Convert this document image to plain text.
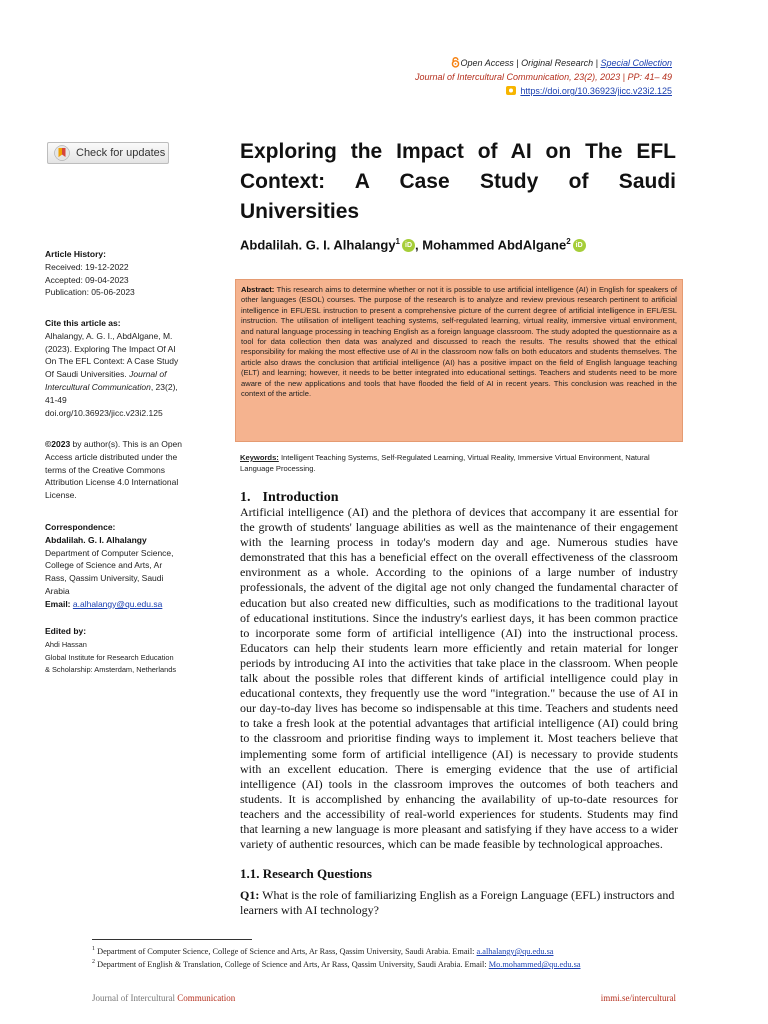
Open Access | Original Research | Special Collection
Journal of Intercultural Communication, 23(2), 2023 | PP: 41– 49
https://doi.org/10.36923/jicc.v23i2.125
Check for updates	Exploring the Impact of AI on The EFL
Context: A Case Study of Saudi
Universities
Abdalilah. G. I. Alhalangy$^1$ iD , Mohammed AbdAlgane$^2$ iD
Article History:
Received: 19-12-2022
Accepted: 09-04-2023
Publication: 05-06-2023
Cite this article as:
Alhalangy, A. G. I., AbdAlgane, M. (2023). Exploring The Impact Of AI On The EFL Context: A Case Study Of Saudi Universities. Journal of Intercultural Communication, 23(2), 41-49 doi.org/10.36923/jicc.v23i2.125
©2023 by author(s). This is an Open Access article distributed under the terms of the Creative Commons Attribution License 4.0 International License.
Correspondence:
Abdalilah. G. I. Alhalangy
Department of Computer Science, College of Science and Arts, Ar Rass, Qassim University, Saudi Arabia
Email: a.alhalangy@qu.edu.sa
Edited by:
Ahdi Hassan
Global Institute for Research Education & Scholarship: Amsterdam, Netherlands
Abstract: This research aims to determine whether or not it is possible to use artificial intelligence (AI) in English for speakers of other languages (ESOL) courses. The purpose of the research is to analyze and review previous research pertinent to artificial intelligence in EFL/ESL instruction to present a comprehensive picture of the current degree of artificial intelligence in EFL/ESL instruction. The utilisation of intelligent teaching systems, self-regulated learning, virtual reality, immersive virtual environment, and natural language processing in teaching English as a foreign language classroom. The study adopted the questionnaire as a tool for data collection then data was analyzed and discussed to reach the results. The results showed that the ethical responsibility for making the most effective use of AI in the classroom now falls on both educators and students themselves. The article also draws the conclusion that artificial intelligence (AI) has a positive impact on the field of English language teaching (ELT) and learning; however, it needs to be better integrated into educational settings. Teachers and students need to be more aware of the new applications and tools that have flooded the field of AI in recent years. This conclusion was reached in the context of the article.
Keywords: Intelligent Teaching Systems, Self-Regulated Learning, Virtual Reality, Immersive Virtual Environment, Natural Language Processing.
1. Introduction
Artificial intelligence (AI) and the plethora of devices that accompany it are essential for the growth of students' language abilities as well as the maintenance of their engagement with the learning process in today's modern day and age. Numerous studies have demonstrated that this has a beneficial effect on the overall effectiveness of the classroom environment as a whole. According to the opinions of a large number of industry professionals, the advent of the digital age not only changed the fundamental character of education but also created new difficulties, such as modifications to the traditional layout of educational institutions. Since the industry's earliest days, it has been common practice to incorporate some form of artificial intelligence (AI) into the instructional process. Educators can help their students learn more efficiently and retain material for longer periods by introducing AI into the activities that take place in the classroom. When people talk about the possible roles that different kinds of artificial intelligence could play in educational contexts, they frequently use the word "integration." because the use of AI in our day-to-day lives has become so indispensable at this time. Teachers and students need to take a fresh look at the potential advantages that artificial intelligence (AI) could bring to the classroom and prioritise finding ways to implement it. Most teachers believe that implementing some form of artificial intelligence (AI) is necessary to provide students with an excellent education. There is emerging evidence that the use of artificial intelligence (AI) tools in the classroom improves the outcomes of both teachers and students. It is accomplished by enhancing the availability of up-to-date resources for teachers and the accessibility of real-world experiences for students. Students may find that learning a new language is more pleasant and satisfying if they have access to a wider variety of authentic resources, which can be made feasible by technological approaches.
1.1. Research Questions
Q1: What is the role of familiarizing English as a Foreign Language (EFL) instructors and learners with AI technology?
$^1$ Department of Computer Science, College of Science and Arts, Ar Rass, Qassim University, Saudi Arabia. Email: a.alhalangy@qu.edu.sa
$^2$ Department of English & Translation, College of Science and Arts, Ar Rass, Qassim University, Saudi Arabia. Email: Mo.mohammed@qu.edu.sa
Journal of Intercultural Communication	immi.se/intercultural
